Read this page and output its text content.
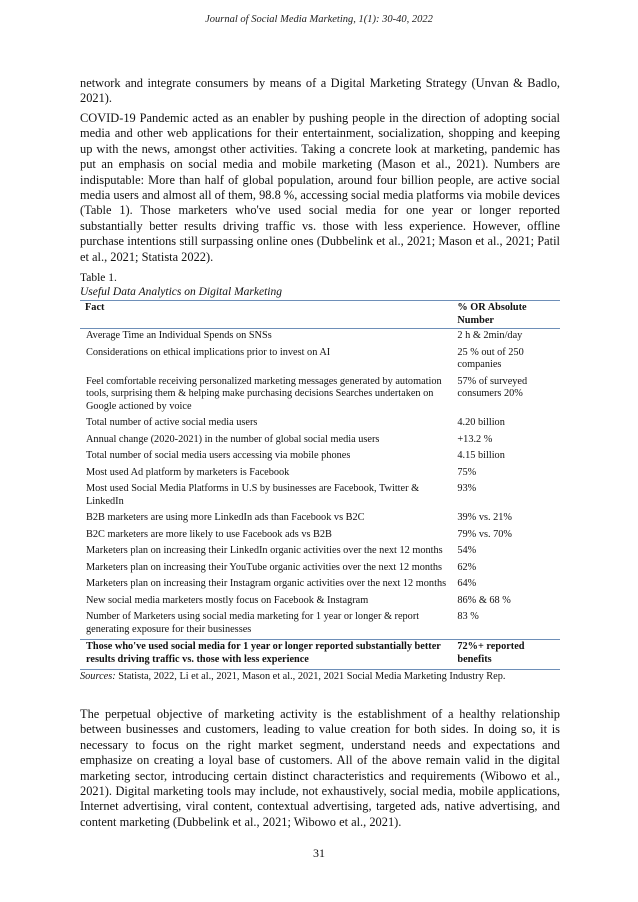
Journal of Social Media Marketing, 1(1): 30-40, 2022

network and integrate consumers by means of a Digital Marketing Strategy (Unvan & Badlo, 2021).

COVID-19 Pandemic acted as an enabler by pushing people in the direction of adopting social media and other web applications for their entertainment, socialization, shopping and keeping up with the news, amongst other activities. Taking a concrete look at marketing, pandemic has put an emphasis on social media and mobile marketing (Mason et al., 2021). Numbers are indisputable: More than half of global population, around four billion people, are active social media users and almost all of them, 98.8 %, accessing social media platforms via mobile devices (Table 1). Those marketers who've used social media for one year or longer reported substantially better results driving traffic vs. those with less experience. However, offline purchase intentions still surpassing online ones (Dubbelink et al., 2021; Mason et al., 2021; Patil et al., 2021; Statista 2022).

Table 1.
Useful Data Analytics on Digital Marketing
Fact	% OR Absolute Number
Average Time an Individual Spends on SNSs	2 h & 2min/day
Considerations on ethical implications prior to invest on AI	25 % out of 250 companies
Feel comfortable receiving personalized marketing messages generated by automation tools, surprising them & helping make purchasing decisions Searches undertaken on Google actioned by voice	57% of surveyed consumers 20%
Total number of active social media users	4.20 billion
Annual change (2020-2021) in the number of global social media users	+13.2 %
Total number of social media users accessing via mobile phones	4.15 billion
Most used Ad platform by marketers is Facebook	75%
Most used Social Media Platforms in U.S by businesses are Facebook, Twitter & LinkedIn	93%
B2B marketers are using more LinkedIn ads than Facebook vs B2C	39% vs. 21%
B2C marketers are more likely to use Facebook ads vs B2B	79% vs. 70%
Marketers plan on increasing their LinkedIn organic activities over the next 12 months	54%
Marketers plan on increasing their YouTube organic activities over the next 12 months	62%
Marketers plan on increasing their Instagram organic activities over the next 12 months	64%
New social media marketers mostly focus on Facebook & Instagram	86% & 68 %
Number of Marketers using social media marketing for 1 year or longer & report generating exposure for their businesses	83 %
Those who've used social media for 1 year or longer reported substantially better results driving traffic vs. those with less experience	72%+ reported benefits
Sources: Statista, 2022, Li et al., 2021, Mason et al., 2021, 2021 Social Media Marketing Industry Rep.

The perpetual objective of marketing activity is the establishment of a healthy relationship between businesses and customers, leading to value creation for both sides. In doing so, it is necessary to focus on the right market segment, understand needs and expectations and emphasize on creating a loyal base of customers. All of the above remain valid in the digital marketing sector, introducing certain distinct characteristics and requirements (Wibowo et al., 2021). Digital marketing tools may include, not exhaustively, social media, mobile applications, Internet advertising, viral content, contextual advertising, targeted ads, native advertising, and content marketing (Dubbelink et al., 2021; Wibowo et al., 2021).

31
